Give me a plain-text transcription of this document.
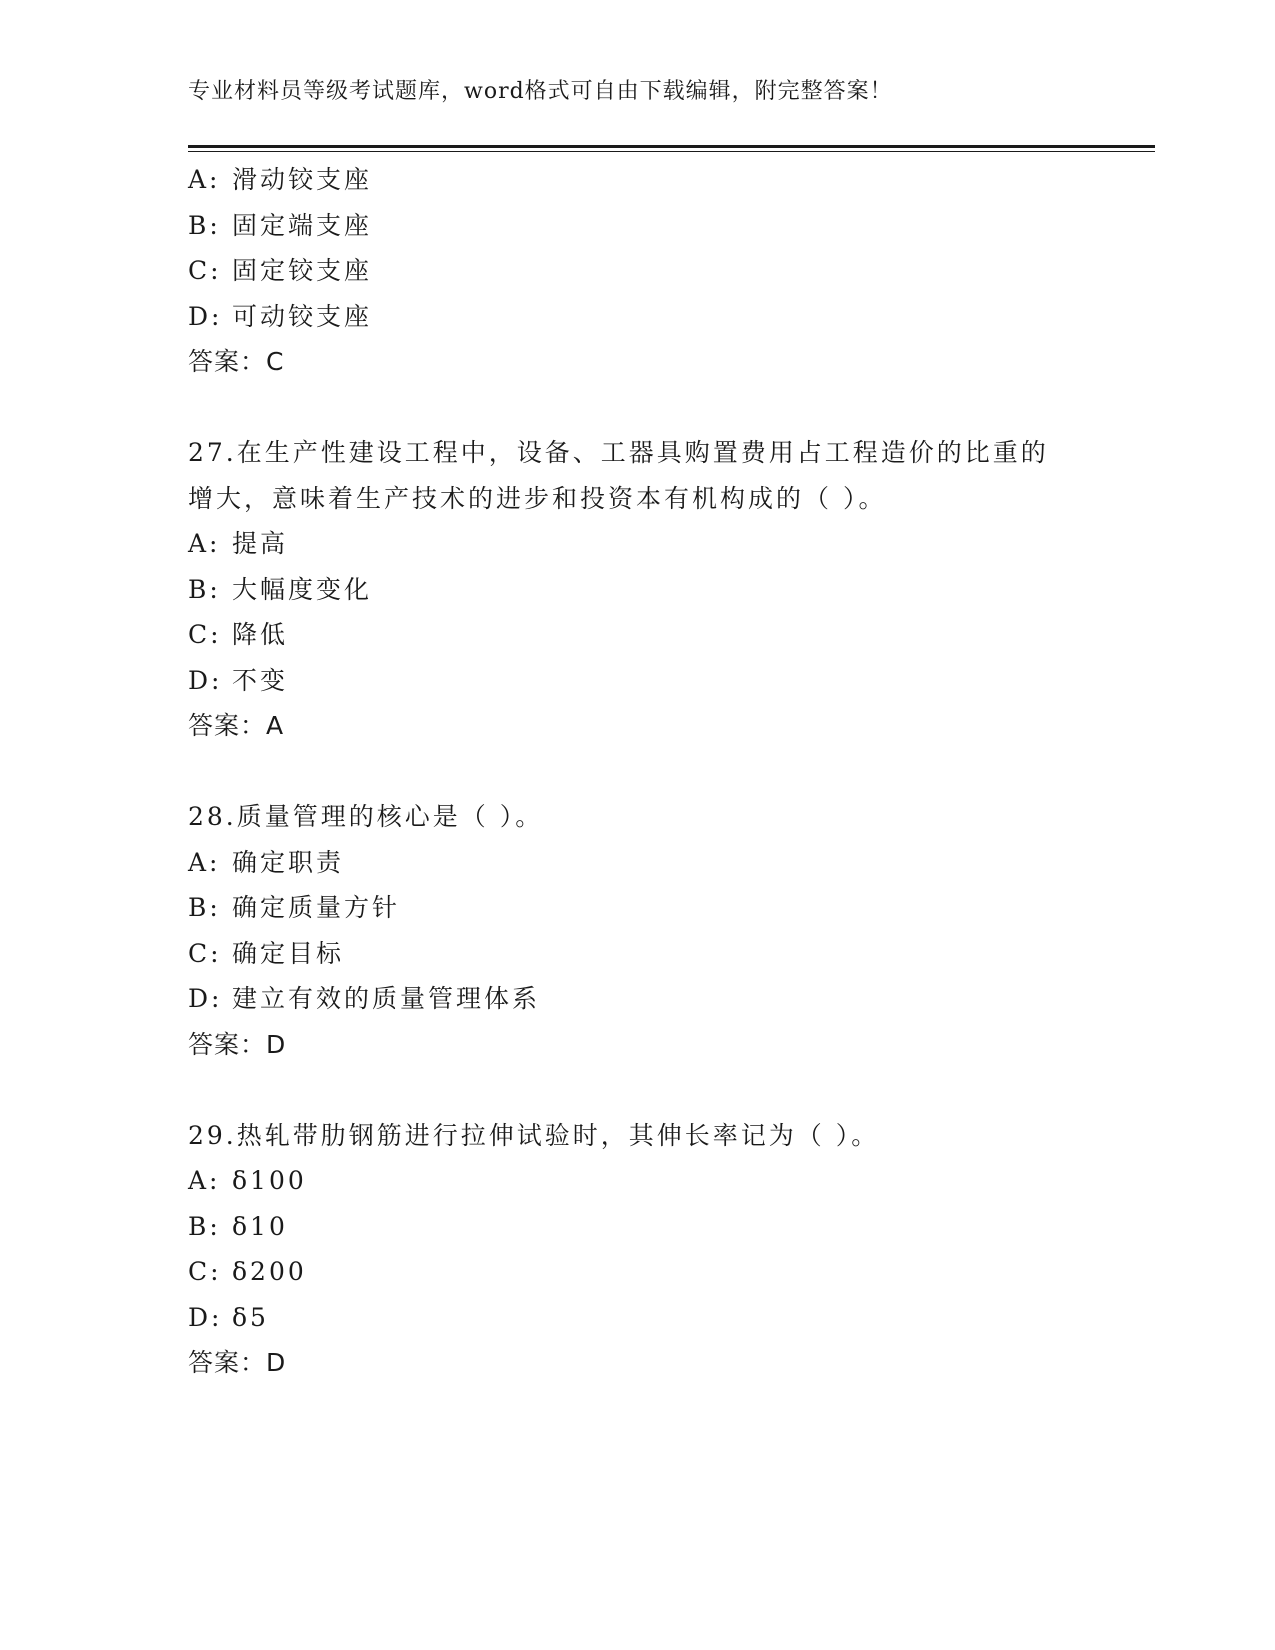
专业材料员等级考试题库，word格式可自由下载编辑，附完整答案！
A: 滑动铰支座
B: 固定端支座
C: 固定铰支座
D: 可动铰支座
答案：C
27.在生产性建设工程中，设备、工器具购置费用占工程造价的比重的
增大，意味着生产技术的进步和投资本有机构成的（ ）。
A: 提高
B: 大幅度变化
C: 降低
D: 不变
答案：A
28.质量管理的核心是（ ）。
A: 确定职责
B: 确定质量方针
C: 确定目标
D: 建立有效的质量管理体系
答案：D
29.热轧带肋钢筋进行拉伸试验时，其伸长率记为（ ）。
A: δ100
B: δ10
C: δ200
D: δ5
答案：D
